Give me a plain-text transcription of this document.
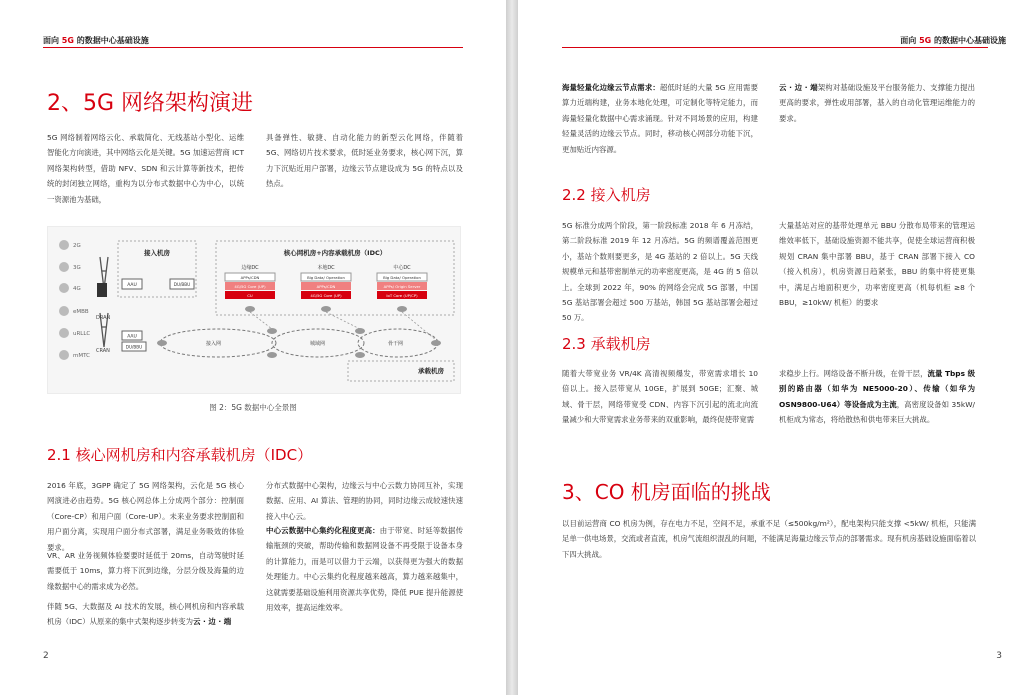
面向 5G 的数据中心基础设施
2、5G 网络架构演进

5G 网络制着网络云化、承载简化、无线基站小型化、运维智能化方向演进，其中网络云化是关键。5G 加速运营商 ICT 网络架构转型，借助 NFV、SDN 和云计算等新技术，把传统的封闭独立网络，重构为以分布式数据中心为中心，以统一资源池为基础，

具备弹性、敏捷、自动化能力的新型云化网络，伴随着 5G、网络切片技术要求，低时延业务要求，核心网下沉，算力下沉贴近用户部署，边缘云节点建设成为 5G 的特点以及热点。

2G
3G
4G
eMBB
uRLLC
mMTC
DRAN
CRAN
接入机房
AAU	DU/BBU
核心网机房+内容承载机房（IDC）
边缘DC	本地DC	中心DC
APPs/CDN
4G/5G Core (UP)
CU
Big Data/ Operation
APPs/CDN
4G/5G Core (UP)
Big Data/ Operation
APPs/ Origin Server
IoT Core (UP/CP)
接入网	城域网	骨干网
AAU
DU/BBU
承载机房
图 2：5G 数据中心全景图
2.1 核心网机房和内容承载机房（IDC）

2016 年底，3GPP 确定了 5G 网络架构，云化是 5G 核心网演进必由趋势。5G 核心网总体上分成两个部分：控制面（Core-CP）和用户面（Core-UP）。未来业务要求控制面和用户面分离，实现用户面分布式部署，满足业务吸效的体验要求。

VR、AR 业务视频体验要要时延低于 20ms，自动驾驶时延需要低于 10ms，算力将下沉到边缘，分层分级及海量的边缘数据中心的需求成为必然。

伴随 5G、大数据及 AI 技术的发展，核心网机房和内容承载机房（IDC）从原来的集中式架构逐步转变为云 · 边 · 端

分布式数据中心架构，边缘云与中心云数力协同互补，实现数据、应用、AI 算法、管理的协同，同时边缘云成较速快速接入中心云。

中心云数据中心集约化程度更高：由于带宽、时延等数据传输瓶颈的突破，帮助传输和数据网设备不再受限于设备本身的计算能力，而是可以借力于云端，以获得更为强大的数据处理能力。中心云集约化程度越来越高，算力越来越集中，这就需要基础设施利用资源共享优势，降低 PUE 提升能源使用效率，提高运维效率。

2
面向 5G 的数据中心基础设施

海量轻量化边缘云节点需求：超低时延的大量 5G 应用需要算力近端构建，业务本地化处理，可定制化等特定能力，而海量轻量化数据中心需求涌现。针对不同场景的应用，构建轻量灵活的边缘云节点。同时，移动核心网部分功能下沉，更加贴近内容源。

云 · 边 · 端架构对基础设施及平台服务能力、支撑能力提出更高的要求，弹性或用部署，基入的自动化管理运维能力的要求。

2.2 接入机房

5G 标准分成两个阶段，第一阶段标准 2018 年 6 月冻结，第二阶段标准 2019 年 12 月冻结。5G 的频谱覆盖范围更小，基站个数则要更多，是 4G 基站的 2 倍以上。5G 天线规模单元和基带密制单元的功率密度更高，是 4G 的 5 倍以上。全球到 2022 年，90% 的网络会完成 5G 部署，中国 5G 基站部署会超过 500 万基站，韩国 5G 基站部署会超过 50 万。

大量基站对应的基带处理单元 BBU 分散布局带来的管理运维效率低下，基础设施资源不能共享，促使全球运营商积极规划 CRAN 集中部署 BBU，基于 CRAN 部署下接入 CO（接入机房），机房资源日趋紧张，BBU 的集中将使更集中，满足占地面积更少，功率密度更高（机每机柜 ≥8 个 BBU，≥10kW/ 机柜）的要求

2.3 承载机房

随着大带宽业务 VR/4K 高清视频爆发，带宽需求增长 10 倍以上。接入层带宽从 10GE，扩展到 50GE；汇聚、城域、骨干层，网络带宽受 CDN、内容下沉引起的流北向流量减少和大带宽需求业务带来的双重影响，最终促使带宽需

求稳步上行。网络设备不断升级，在骨干层，流量 Tbps 级别的路由器（如华为 NE5000-20）、传输（如华为 OSN9800-U64）等设备成为主流，高密度设备如 35kW/ 机柜成为常态，将给散热和供电带来巨大挑战。

3、CO 机房面临的挑战

以目前运营商 CO 机房为例，存在电力不足，空间不足，承重不足（≤500kg/m²），配电架构只能支撑 <5kW/ 机柜，只能满足单一供电场景，交流或者直流，机房气流组织混乱的问题，不能满足海量边缘云节点的部署需求。现有机房基础设施面临着以下四大挑战。

3
